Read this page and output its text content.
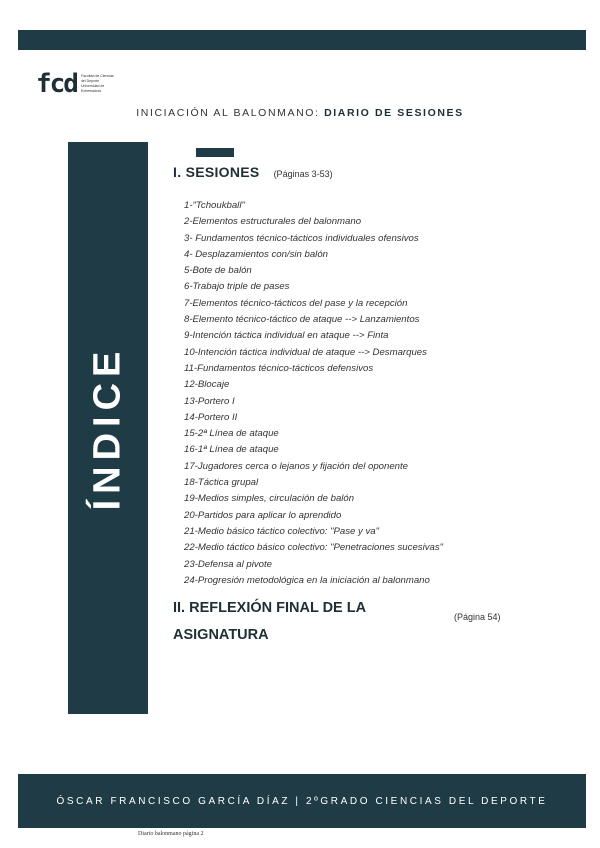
fcd Facultad de Ciencias del Deporte Universidad de Extremadura
INICIACIÓN AL BALONMANO: DIARIO DE SESIONES
ÍNDICE
I. SESIONES (Páginas 3-53)
1-"Tchoukball"
2-Elementos estructurales del balonmano
3- Fundamentos técnico-tácticos individuales ofensivos
4- Desplazamientos con/sin balón
5-Bote de balón
6-Trabajo triple de pases
7-Elementos técnico-tácticos del pase y la recepción
8-Elemento técnico-táctico de ataque --> Lanzamientos
9-Intención táctica individual en ataque --> Finta
10-Intención táctica individual de ataque --> Desmarques
11-Fundamentos técnico-tácticos defensivos
12-Blocaje
13-Portero I
14-Portero II
15-2ª Línea de ataque
16-1ª Línea de ataque
17-Jugadores cerca o lejanos y fijación del oponente
18-Táctica grupal
19-Medios simples, circulación de balón
20-Partidos para aplicar lo aprendido
21-Medio básico táctico colectivo: "Pase y va"
22-Medio táctico básico colectivo: "Penetraciones sucesivas"
23-Defensa al pivote
24-Progresión metodológica en la iniciación al balonmano
II. REFLEXIÓN FINAL DE LA ASIGNATURA
(Página 54)
ÓSCAR FRANCISCO GARCÍA DÍAZ | 2ºGRADO CIENCIAS DEL DEPORTE
Diario balonmano página 2
